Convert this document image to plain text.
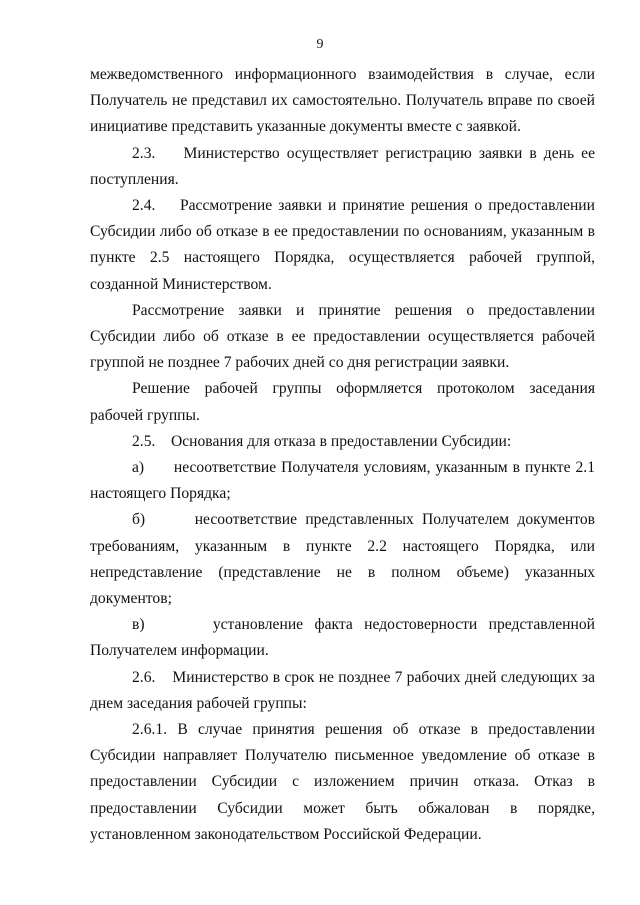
9

межведомственного информационного взаимодействия в случае, если Получатель не представил их самостоятельно. Получатель вправе по своей инициативе представить указанные документы вместе с заявкой.

2.3.    Министерство осуществляет регистрацию заявки в день ее поступления.

2.4.    Рассмотрение заявки и принятие решения о предоставлении Субсидии либо об отказе в ее предоставлении по основаниям, указанным в пункте 2.5 настоящего Порядка, осуществляется рабочей группой, созданной Министерством.

Рассмотрение заявки и принятие решения о предоставлении Субсидии либо об отказе в ее предоставлении осуществляется рабочей группой не позднее 7 рабочих дней со дня регистрации заявки.

Решение рабочей группы оформляется протоколом заседания рабочей группы.

2.5.    Основания для отказа в предоставлении Субсидии:

а)      несоответствие Получателя условиям, указанным в пункте 2.1 настоящего Порядка;

б)      несоответствие представленных Получателем документов требованиям, указанным в пункте 2.2 настоящего Порядка, или непредставление (представление не в полном объеме) указанных документов;

в)      установление факта недостоверности представленной Получателем информации.

2.6.    Министерство в срок не позднее 7 рабочих дней следующих за днем заседания рабочей группы:

2.6.1. В случае принятия решения об отказе в предоставлении Субсидии направляет Получателю письменное уведомление об отказе в предоставлении Субсидии с изложением причин отказа. Отказ в предоставлении Субсидии может быть обжалован в порядке, установленном законодательством Российской Федерации.
